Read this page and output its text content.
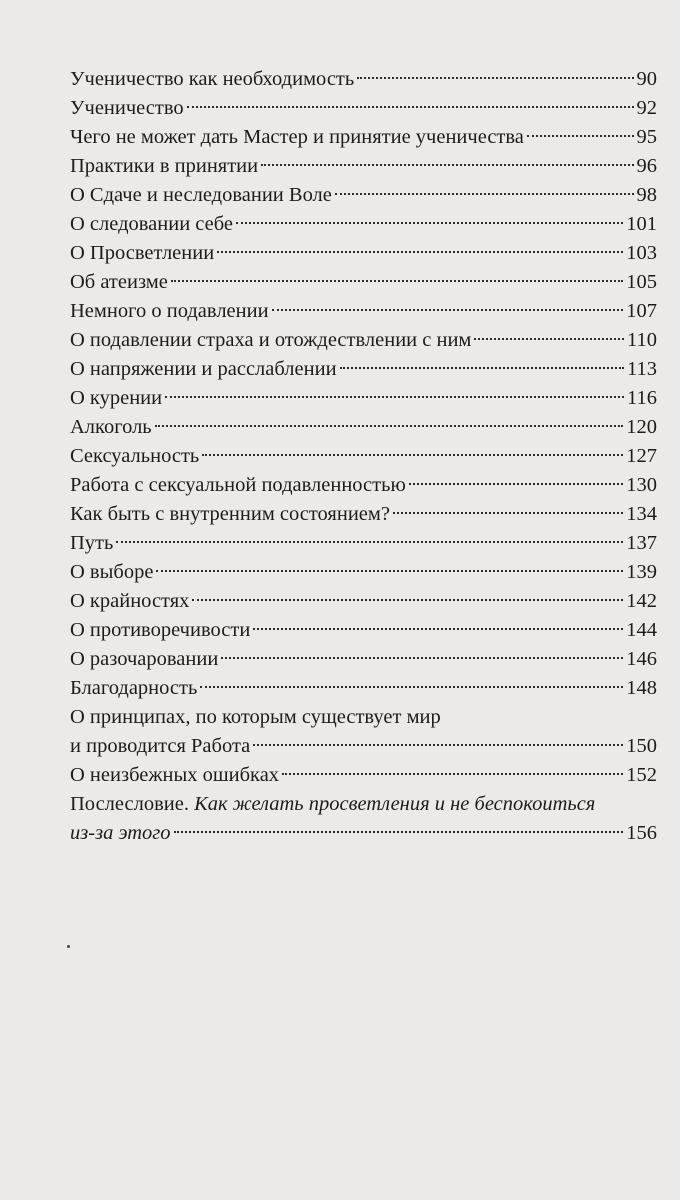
Ученичество как необходимость	90
Ученичество	92
Чего не может дать Мастер и принятие ученичества	95
Практики в принятии	96
О Сдаче и неследовании Воле	98
О следовании себе	101
О Просветлении	103
Об атеизме	105
Немного о подавлении	107
О подавлении страха и отождествлении с ним	110
О напряжении и расслаблении	113
О курении	116
Алкоголь	120
Сексуальность	127
Работа с сексуальной подавленностью	130
Как быть с внутренним состоянием?	134
Путь	137
О выборе	139
О крайностях	142
О противоречивости	144
О разочаровании	146
Благодарность	148
О принципах, по которым существует мир
и проводится Работа	150
О неизбежных ошибках	152
Послесловие. Как желать просветления и не беспокоиться
из-за этого	156
